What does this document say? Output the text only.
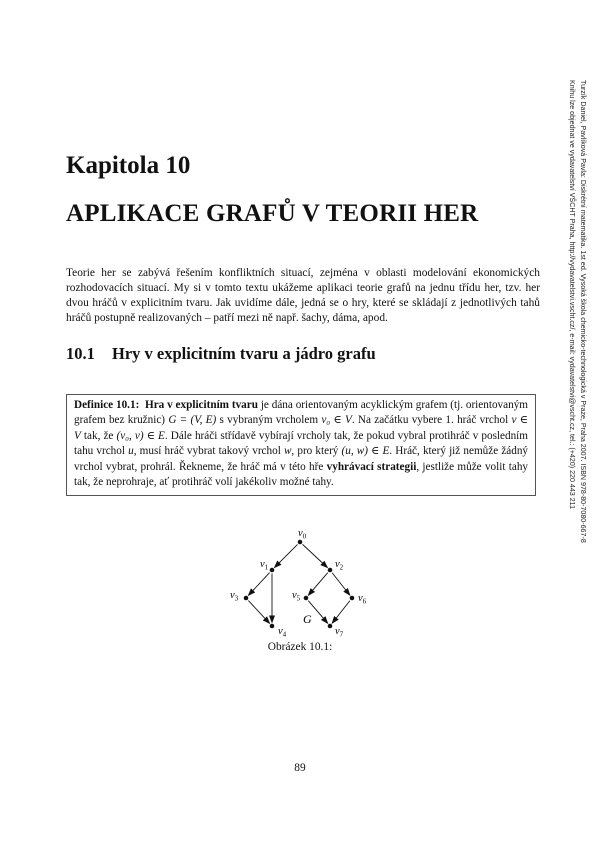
Kapitola 10
APLIKACE GRAFŮ V TEORII HER

Teorie her se zabývá řešením konfliktních situací, zejména v oblasti modelování ekonomických rozhodovacích situací. My si v tomto textu ukážeme aplikaci teorie grafů na jednu třídu her, tzv. her dvou hráčů v explicitním tvaru. Jak uvidíme dále, jedná se o hry, které se skládají z jednotlivých tahů hráčů postupně realizovaných – patří mezi ně např. šachy, dáma, apod.

10.1 Hry v explicitním tvaru a jádro grafu
Definice 10.1: Hra v explicitním tvaru je dána orientovaným acyklickým grafem (tj. orientovaným grafem bez kružnic) G = (V, E) s vybraným vrcholem v₀ ∈ V. Na začátku vybere 1. hráč vrchol v ∈ V tak, že (v₀, v) ∈ E. Dále hráči střídavě vybírají vrcholy tak, že pokud vybral protihráč v posledním tahu vrchol u, musí hráč vybrat takový vrchol w, pro který (u, w) ∈ E. Hráč, který již nemůže žádný vrchol vybrat, prohrál. Řekneme, že hráč má v této hře vyhrávací strategii, jestliže může volit tahy tak, že neprohraje, ať protihráč volí jakékoliv možné tahy.
$v_0$
$v_1$	$v_2$
$v_3$
$v_4$
$v_5$	$v_6$
$v_7$
G
Obrázek 10.1:
89
Turzík Daniel, Pavlíková Pavla: Diskrétní matematika. 1st ed. Vysoká škola chemicko-technologická v Praze, Praha 2007. ISBN 978-80-7080-667-8
Knihu lze objednat ve vydavatelství VŠCHT Praha, http://vydavatelstvi.vscht.cz/, e-mail: vydavatelstvi@vscht.cz, tel.: (+420) 220 443 211
